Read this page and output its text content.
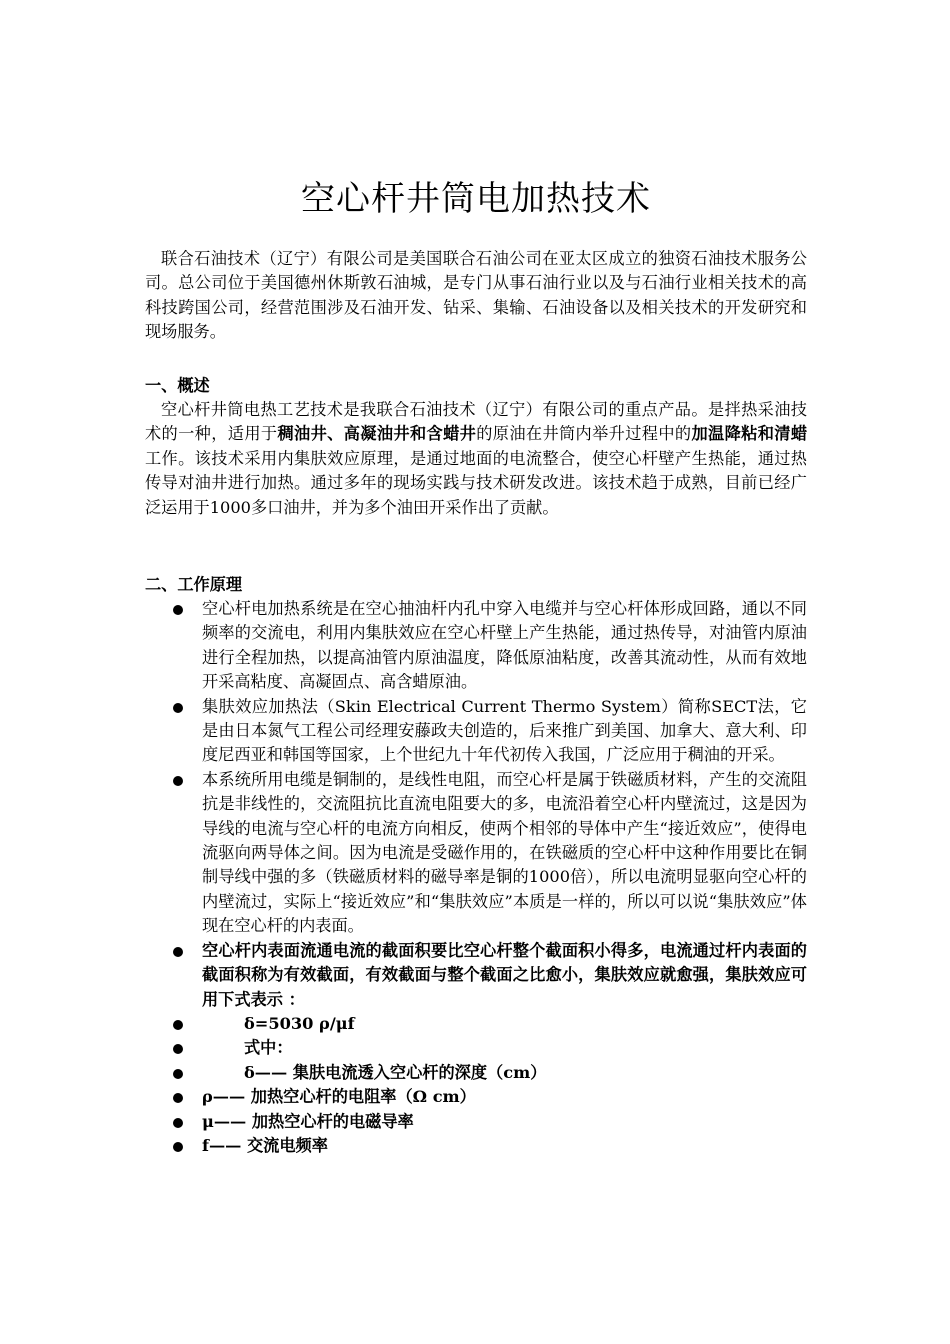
空心杆井筒电加热技术
联合石油技术（辽宁）有限公司是美国联合石油公司在亚太区成立的独资石油技术服务公司。总公司位于美国德州休斯敦石油城，是专门从事石油行业以及与石油行业相关技术的高科技跨国公司，经营范围涉及石油开发、钻采、集输、石油设备以及相关技术的开发研究和现场服务。
一、概述
空心杆井筒电热工艺技术是我联合石油技术（辽宁）有限公司的重点产品。是拌热采油技术的一种，适用于稠油井、高凝油井和含蜡井的原油在井筒内举升过程中的加温降粘和清蜡工作。该技术采用内集肤效应原理，是通过地面的电流整合，使空心杆壁产生热能，通过热传导对油井进行加热。通过多年的现场实践与技术研发改进。该技术趋于成熟，目前已经广泛运用于1000多口油井，并为多个油田开采作出了贡献。
二、工作原理
空心杆电加热系统是在空心抽油杆内孔中穿入电缆并与空心杆体形成回路，通以不同频率的交流电，利用内集肤效应在空心杆壁上产生热能，通过热传导，对油管内原油进行全程加热，以提高油管内原油温度，降低原油粘度，改善其流动性，从而有效地开采高粘度、高凝固点、高含蜡原油。
集肤效应加热法（Skin Electrical Current Thermo System）简称SECT法，它是由日本氮气工程公司经理安藤政夫创造的，后来推广到美国、加拿大、意大利、印度尼西亚和韩国等国家，上个世纪九十年代初传入我国，广泛应用于稠油的开采。
本系统所用电缆是铜制的，是线性电阻，而空心杆是属于铁磁质材料，产生的交流阻抗是非线性的，交流阻抗比直流电阻要大的多，电流沿着空心杆内壁流过，这是因为导线的电流与空心杆的电流方向相反，使两个相邻的导体中产生“接近效应”，使得电流驱向两导体之间。因为电流是受磁作用的，在铁磁质的空心杆中这种作用要比在铜制导线中强的多（铁磁质材料的磁导率是铜的1000倍），所以电流明显驱向空心杆的内壁流过，实际上“接近效应”和“集肤效应”本质是一样的，所以可以说“集肤效应”体现在空心杆的内表面。
空心杆内表面流通电流的截面积要比空心杆整个截面积小得多，电流通过杆内表面的截面积称为有效截面，有效截面与整个截面之比愈小，集肤效应就愈强，集肤效应可用下式表示 ：
δ=5030 ρ/μf
式中：
δ—— 集肤电流透入空心杆的深度（cm）
ρ—— 加热空心杆的电阻率（Ω cm）
μ—— 加热空心杆的电磁导率
f—— 交流电频率
